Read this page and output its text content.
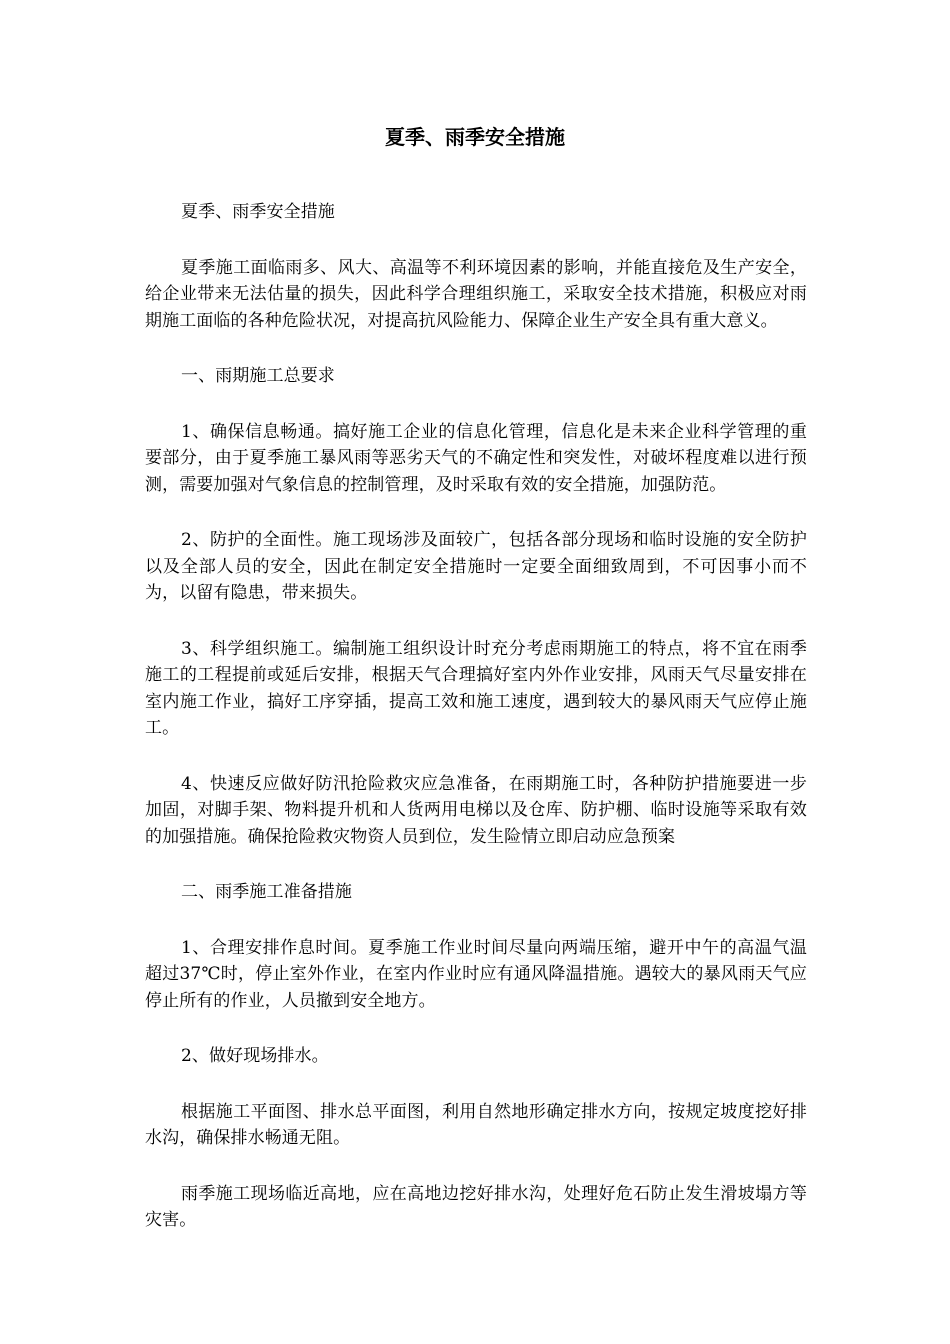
夏季、雨季安全措施

夏季、雨季安全措施

夏季施工面临雨多、风大、高温等不利环境因素的影响，并能直接危及生产安全，给企业带来无法估量的损失，因此科学合理组织施工，采取安全技术措施，积极应对雨期施工面临的各种危险状况，对提高抗风险能力、保障企业生产安全具有重大意义。

一、雨期施工总要求

1、确保信息畅通。搞好施工企业的信息化管理，信息化是未来企业科学管理的重要部分，由于夏季施工暴风雨等恶劣天气的不确定性和突发性，对破坏程度难以进行预测，需要加强对气象信息的控制管理，及时采取有效的安全措施，加强防范。

2、防护的全面性。施工现场涉及面较广，包括各部分现场和临时设施的安全防护以及全部人员的安全，因此在制定安全措施时一定要全面细致周到，不可因事小而不为，以留有隐患，带来损失。

3、科学组织施工。编制施工组织设计时充分考虑雨期施工的特点，将不宜在雨季施工的工程提前或延后安排，根据天气合理搞好室内外作业安排，风雨天气尽量安排在室内施工作业，搞好工序穿插，提高工效和施工速度，遇到较大的暴风雨天气应停止施工。

4、快速反应做好防汛抢险救灾应急准备，在雨期施工时，各种防护措施要进一步加固，对脚手架、物料提升机和人货两用电梯以及仓库、防护棚、临时设施等采取有效的加强措施。确保抢险救灾物资人员到位，发生险情立即启动应急预案

二、雨季施工准备措施

1、合理安排作息时间。夏季施工作业时间尽量向两端压缩，避开中午的高温气温超过37℃时，停止室外作业，在室内作业时应有通风降温措施。遇较大的暴风雨天气应停止所有的作业，人员撤到安全地方。

2、做好现场排水。

根据施工平面图、排水总平面图，利用自然地形确定排水方向，按规定坡度挖好排水沟，确保排水畅通无阻。

雨季施工现场临近高地，应在高地边挖好排水沟，处理好危石防止发生滑坡塌方等灾害。
